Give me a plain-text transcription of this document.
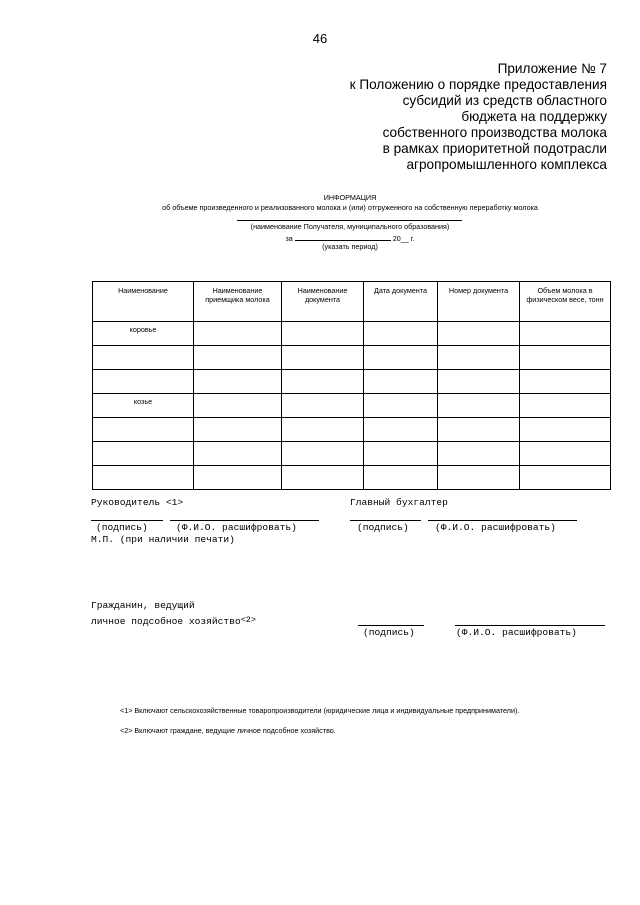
46
Приложение № 7
к Положению о порядке предоставления
субсидий из средств областного
бюджета на поддержку
собственного производства молока
в рамках приоритетной подотрасли
агропромышленного комплекса
ИНФОРМАЦИЯ
об объеме произведенного и реализованного молока и (или) отгруженного на собственную переработку молока
(наименование Получателя, муниципального образования)
за	20__ г.
(указать период)
Наименование	Наименование приемщика молока	Наименование документа	Дата документа	Номер документа	Объем молока в физическом весе, тонн
коровье					

козье					

Руководитель <1>
(подпись)	(Ф.И.О. расшифровать)
М.П. (при наличии печати)
Главный бухгалтер
(подпись)	(Ф.И.О. расшифровать)
Гражданин, ведущий
личное подсобное хозяйство<2>
(подпись)	(Ф.И.О. расшифровать)
<1> Включают сельскохозяйственные товаропроизводители (юридические лица и индивидуальные предприниматели).
<2> Включают граждане, ведущие личное подсобное хозяйство.
